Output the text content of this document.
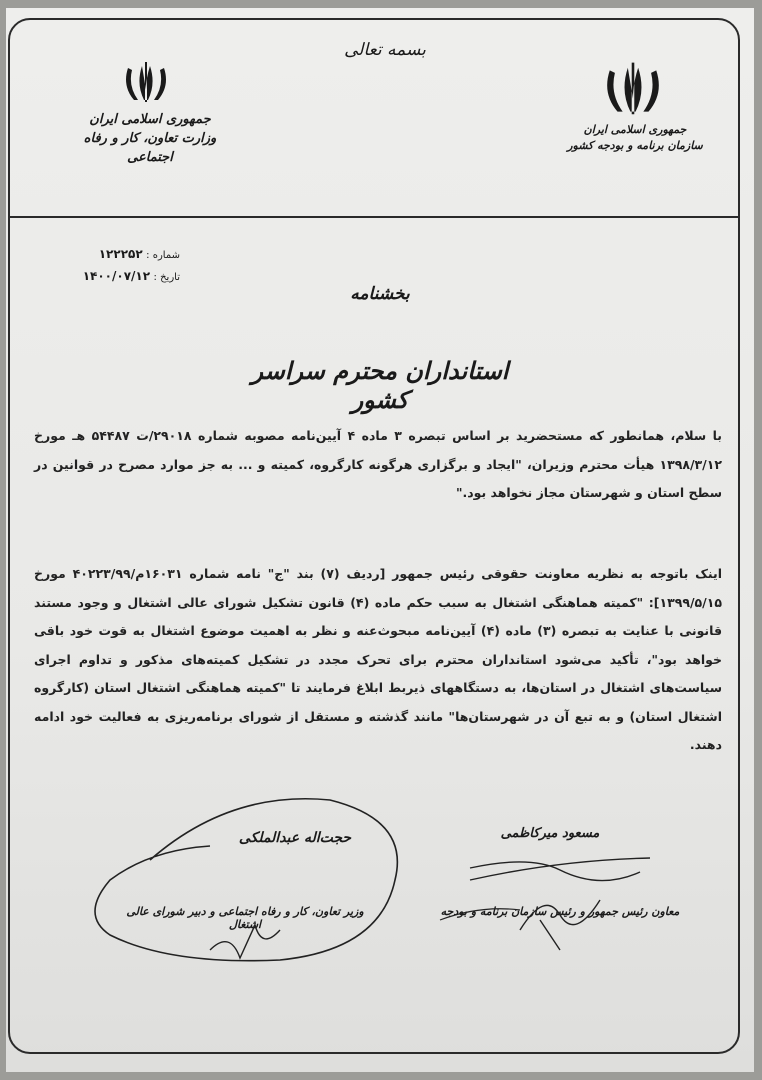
بسمه تعالی
جمهوری اسلامی ایران
وزارت تعاون، کار و رفاه اجتماعی
جمهوری اسلامی ایران
سازمان برنامه و بودجه کشور
شماره : ۱۲۲۲۵۲
تاریخ : ۱۴۰۰/۰۷/۱۲
بخشنامه
استانداران محترم سراسر کشور
با سلام، همانطور که مستحضرید بر اساس تبصره ۳ ماده ۴ آیین‌نامه مصوبه شماره ۲۹۰۱۸/ت ۵۴۴۸۷ هـ مورخ ۱۳۹۸/۳/۱۲ هیأت محترم وزیران، "ایجاد و برگزاری هرگونه کارگروه، کمیته و ... به جز موارد مصرح در قوانین در سطح استان و شهرستان مجاز نخواهد بود."
اینک باتوجه به نظریه معاونت حقوقی رئیس جمهور [ردیف (۷) بند "ج" نامه شماره ۱۶۰۳۱م/۴۰۲۲۳/۹۹ مورخ ۱۳۹۹/۵/۱۵]: "کمیته هماهنگی اشتغال به سبب حکم ماده (۴) قانون تشکیل شورای عالی اشتغال و وجود مستند قانونی با عنایت به تبصره (۳) ماده (۴) آیین‌نامه مبحوث‌عنه و نظر به اهمیت موضوع اشتغال به قوت خود باقی خواهد بود"، تأکید می‌شود استانداران محترم برای تحرک مجدد در تشکیل کمیته‌های مذکور و تداوم اجرای سیاست‌های اشتغال در استان‌ها، به دستگاههای ذیربط ابلاغ فرمایند تا "کمیته هماهنگی اشتغال استان (کارگروه اشتغال استان) و به تبع آن در شهرستان‌ها" مانند گذشته و مستقل از شورای برنامه‌ریزی به فعالیت خود ادامه دهند.
حجت‌اله عبدالملکی
وزیر تعاون، کار و رفاه اجتماعی و دبیر شورای عالی اشتغال
مسعود میرکاظمی
معاون رئیس جمهور و رئیس سازمان برنامه و بودجه
